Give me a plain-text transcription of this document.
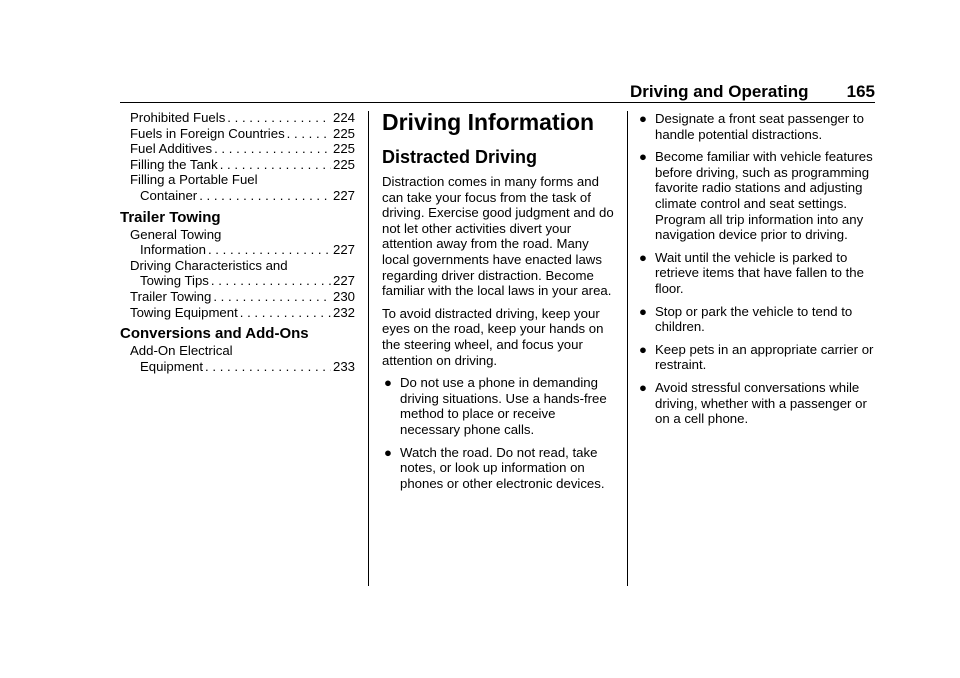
Driving and Operating 165
Prohibited Fuels . . .	224
Fuels in Foreign Countries . . .	225
Fuel Additives . . .	225
Filling the Tank . . .	225
Filling a Portable Fuel
Container . . .	227
Trailer Towing
General Towing
Information . . .	227
Driving Characteristics and
Towing Tips . . .	227
Trailer Towing . . .	230
Towing Equipment . . .	232
Conversions and Add-Ons
Add-On Electrical
Equipment . . .	233
Driving Information
Distracted Driving

Distraction comes in many forms and can take your focus from the task of driving. Exercise good judgment and do not let other activities divert your attention away from the road. Many local governments have enacted laws regarding driver distraction. Become familiar with the local laws in your area.

To avoid distracted driving, keep your eyes on the road, keep your hands on the steering wheel, and focus your attention on driving.

● Do not use a phone in demanding driving situations. Use a hands-free method to place or receive necessary phone calls.
● Watch the road. Do not read, take notes, or look up information on phones or other electronic devices.
● Designate a front seat passenger to handle potential distractions.
● Become familiar with vehicle features before driving, such as programming favorite radio stations and adjusting climate control and seat settings. Program all trip information into any navigation device prior to driving.
● Wait until the vehicle is parked to retrieve items that have fallen to the floor.
● Stop or park the vehicle to tend to children.
● Keep pets in an appropriate carrier or restraint.
● Avoid stressful conversations while driving, whether with a passenger or on a cell phone.
